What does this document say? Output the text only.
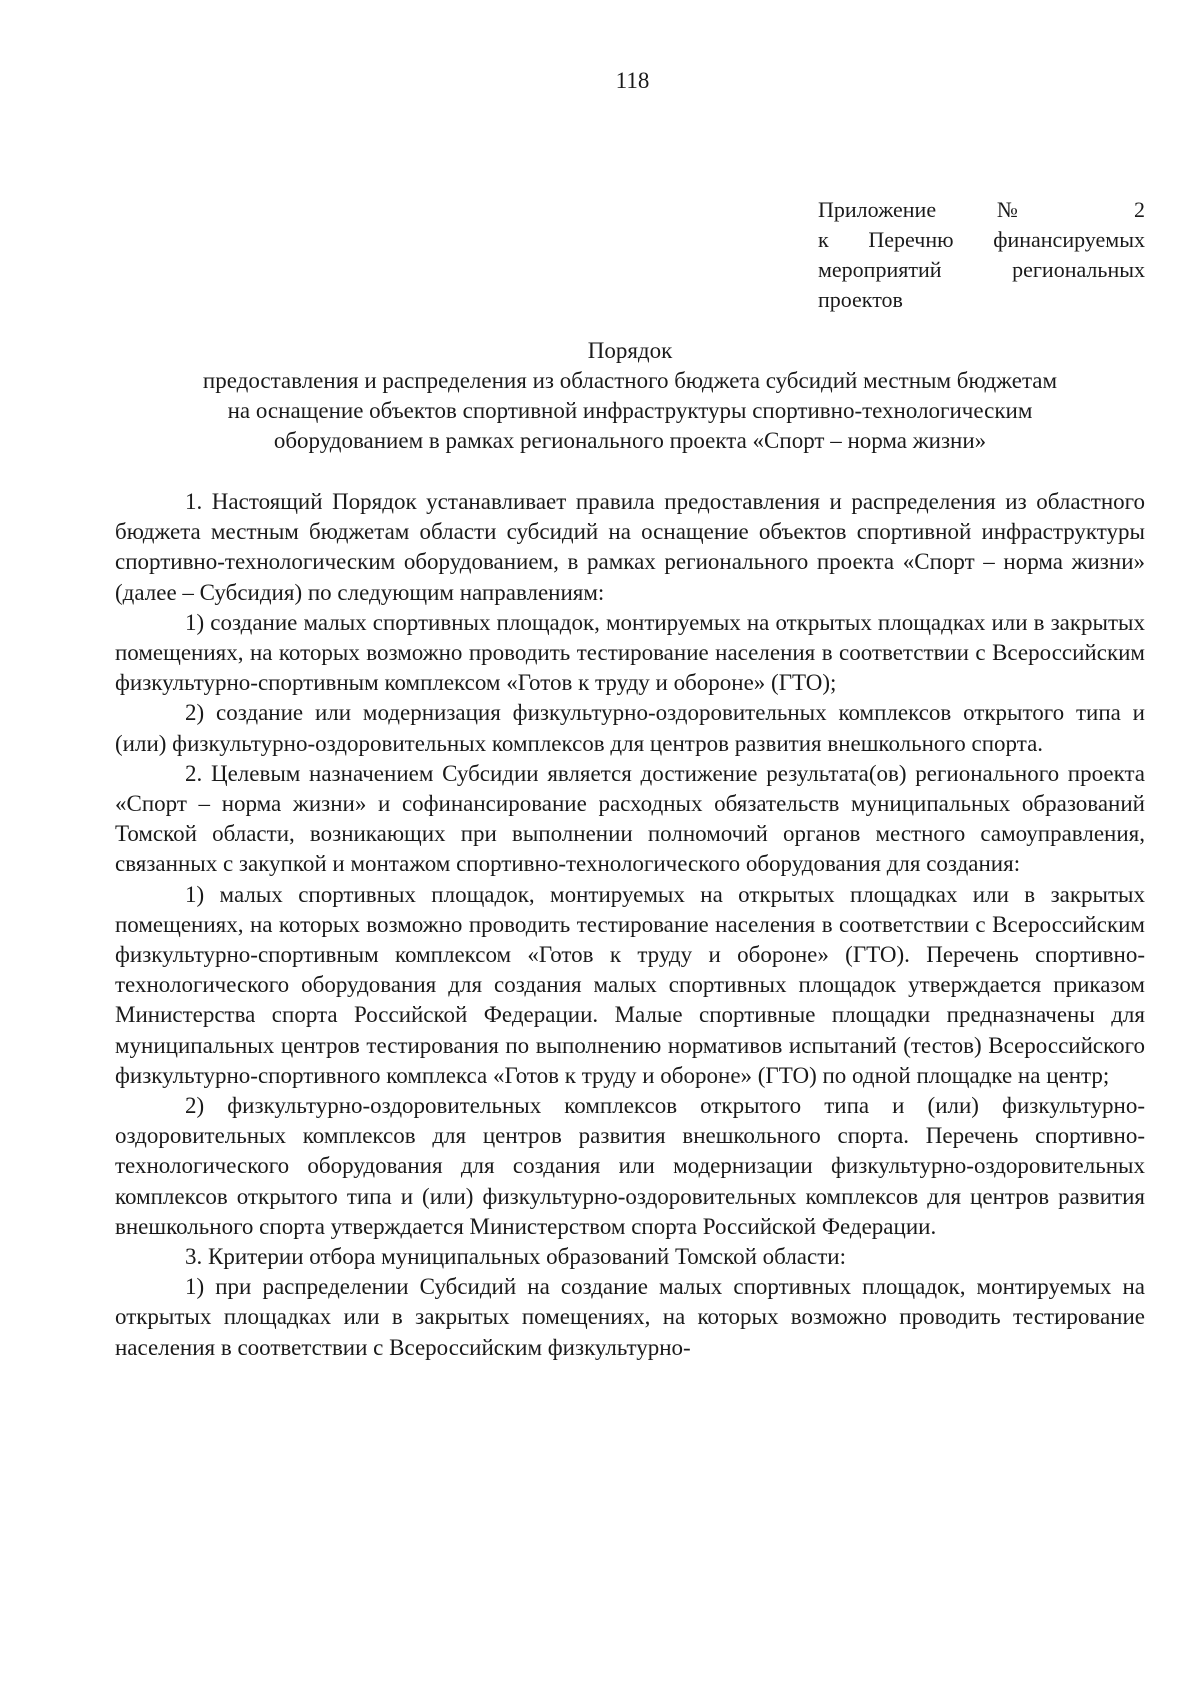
118
Приложение № 2
к Перечню финансируемых
мероприятий региональных
проектов
Порядок
предоставления и распределения из областного бюджета субсидий местным бюджетам
на оснащение объектов спортивной инфраструктуры спортивно-технологическим
оборудованием в рамках регионального проекта «Спорт – норма жизни»

1. Настоящий Порядок устанавливает правила предоставления и распределения из областного бюджета местным бюджетам области субсидий на оснащение объектов спортивной инфраструктуры спортивно-технологическим оборудованием, в рамках регионального проекта «Спорт – норма жизни» (далее – Субсидия) по следующим направлениям:

1) создание малых спортивных площадок, монтируемых на открытых площадках или в закрытых помещениях, на которых возможно проводить тестирование населения в соответствии с Всероссийским физкультурно-спортивным комплексом «Готов к труду и обороне» (ГТО);

2) создание или модернизация физкультурно-оздоровительных комплексов открытого типа и (или) физкультурно-оздоровительных комплексов для центров развития внешкольного спорта.

2. Целевым назначением Субсидии является достижение результата(ов) регионального проекта «Спорт – норма жизни» и софинансирование расходных обязательств муниципальных образований Томской области, возникающих при выполнении полномочий органов местного самоуправления, связанных с закупкой и монтажом спортивно-технологического оборудования для создания:

1) малых спортивных площадок, монтируемых на открытых площадках или в закрытых помещениях, на которых возможно проводить тестирование населения в соответствии с Всероссийским физкультурно-спортивным комплексом «Готов к труду и обороне» (ГТО). Перечень спортивно-технологического оборудования для создания малых спортивных площадок утверждается приказом Министерства спорта Российской Федерации. Малые спортивные площадки предназначены для муниципальных центров тестирования по выполнению нормативов испытаний (тестов) Всероссийского физкультурно-спортивного комплекса «Готов к труду и обороне» (ГТО) по одной площадке на центр;

2) физкультурно-оздоровительных комплексов открытого типа и (или) физкультурно-оздоровительных комплексов для центров развития внешкольного спорта. Перечень спортивно-технологического оборудования для создания или модернизации физкультурно-оздоровительных комплексов открытого типа и (или) физкультурно-оздоровительных комплексов для центров развития внешкольного спорта утверждается Министерством спорта Российской Федерации.

3. Критерии отбора муниципальных образований Томской области:

1) при распределении Субсидий на создание малых спортивных площадок, монтируемых на открытых площадках или в закрытых помещениях, на которых возможно проводить тестирование населения в соответствии с Всероссийским физкультурно-
